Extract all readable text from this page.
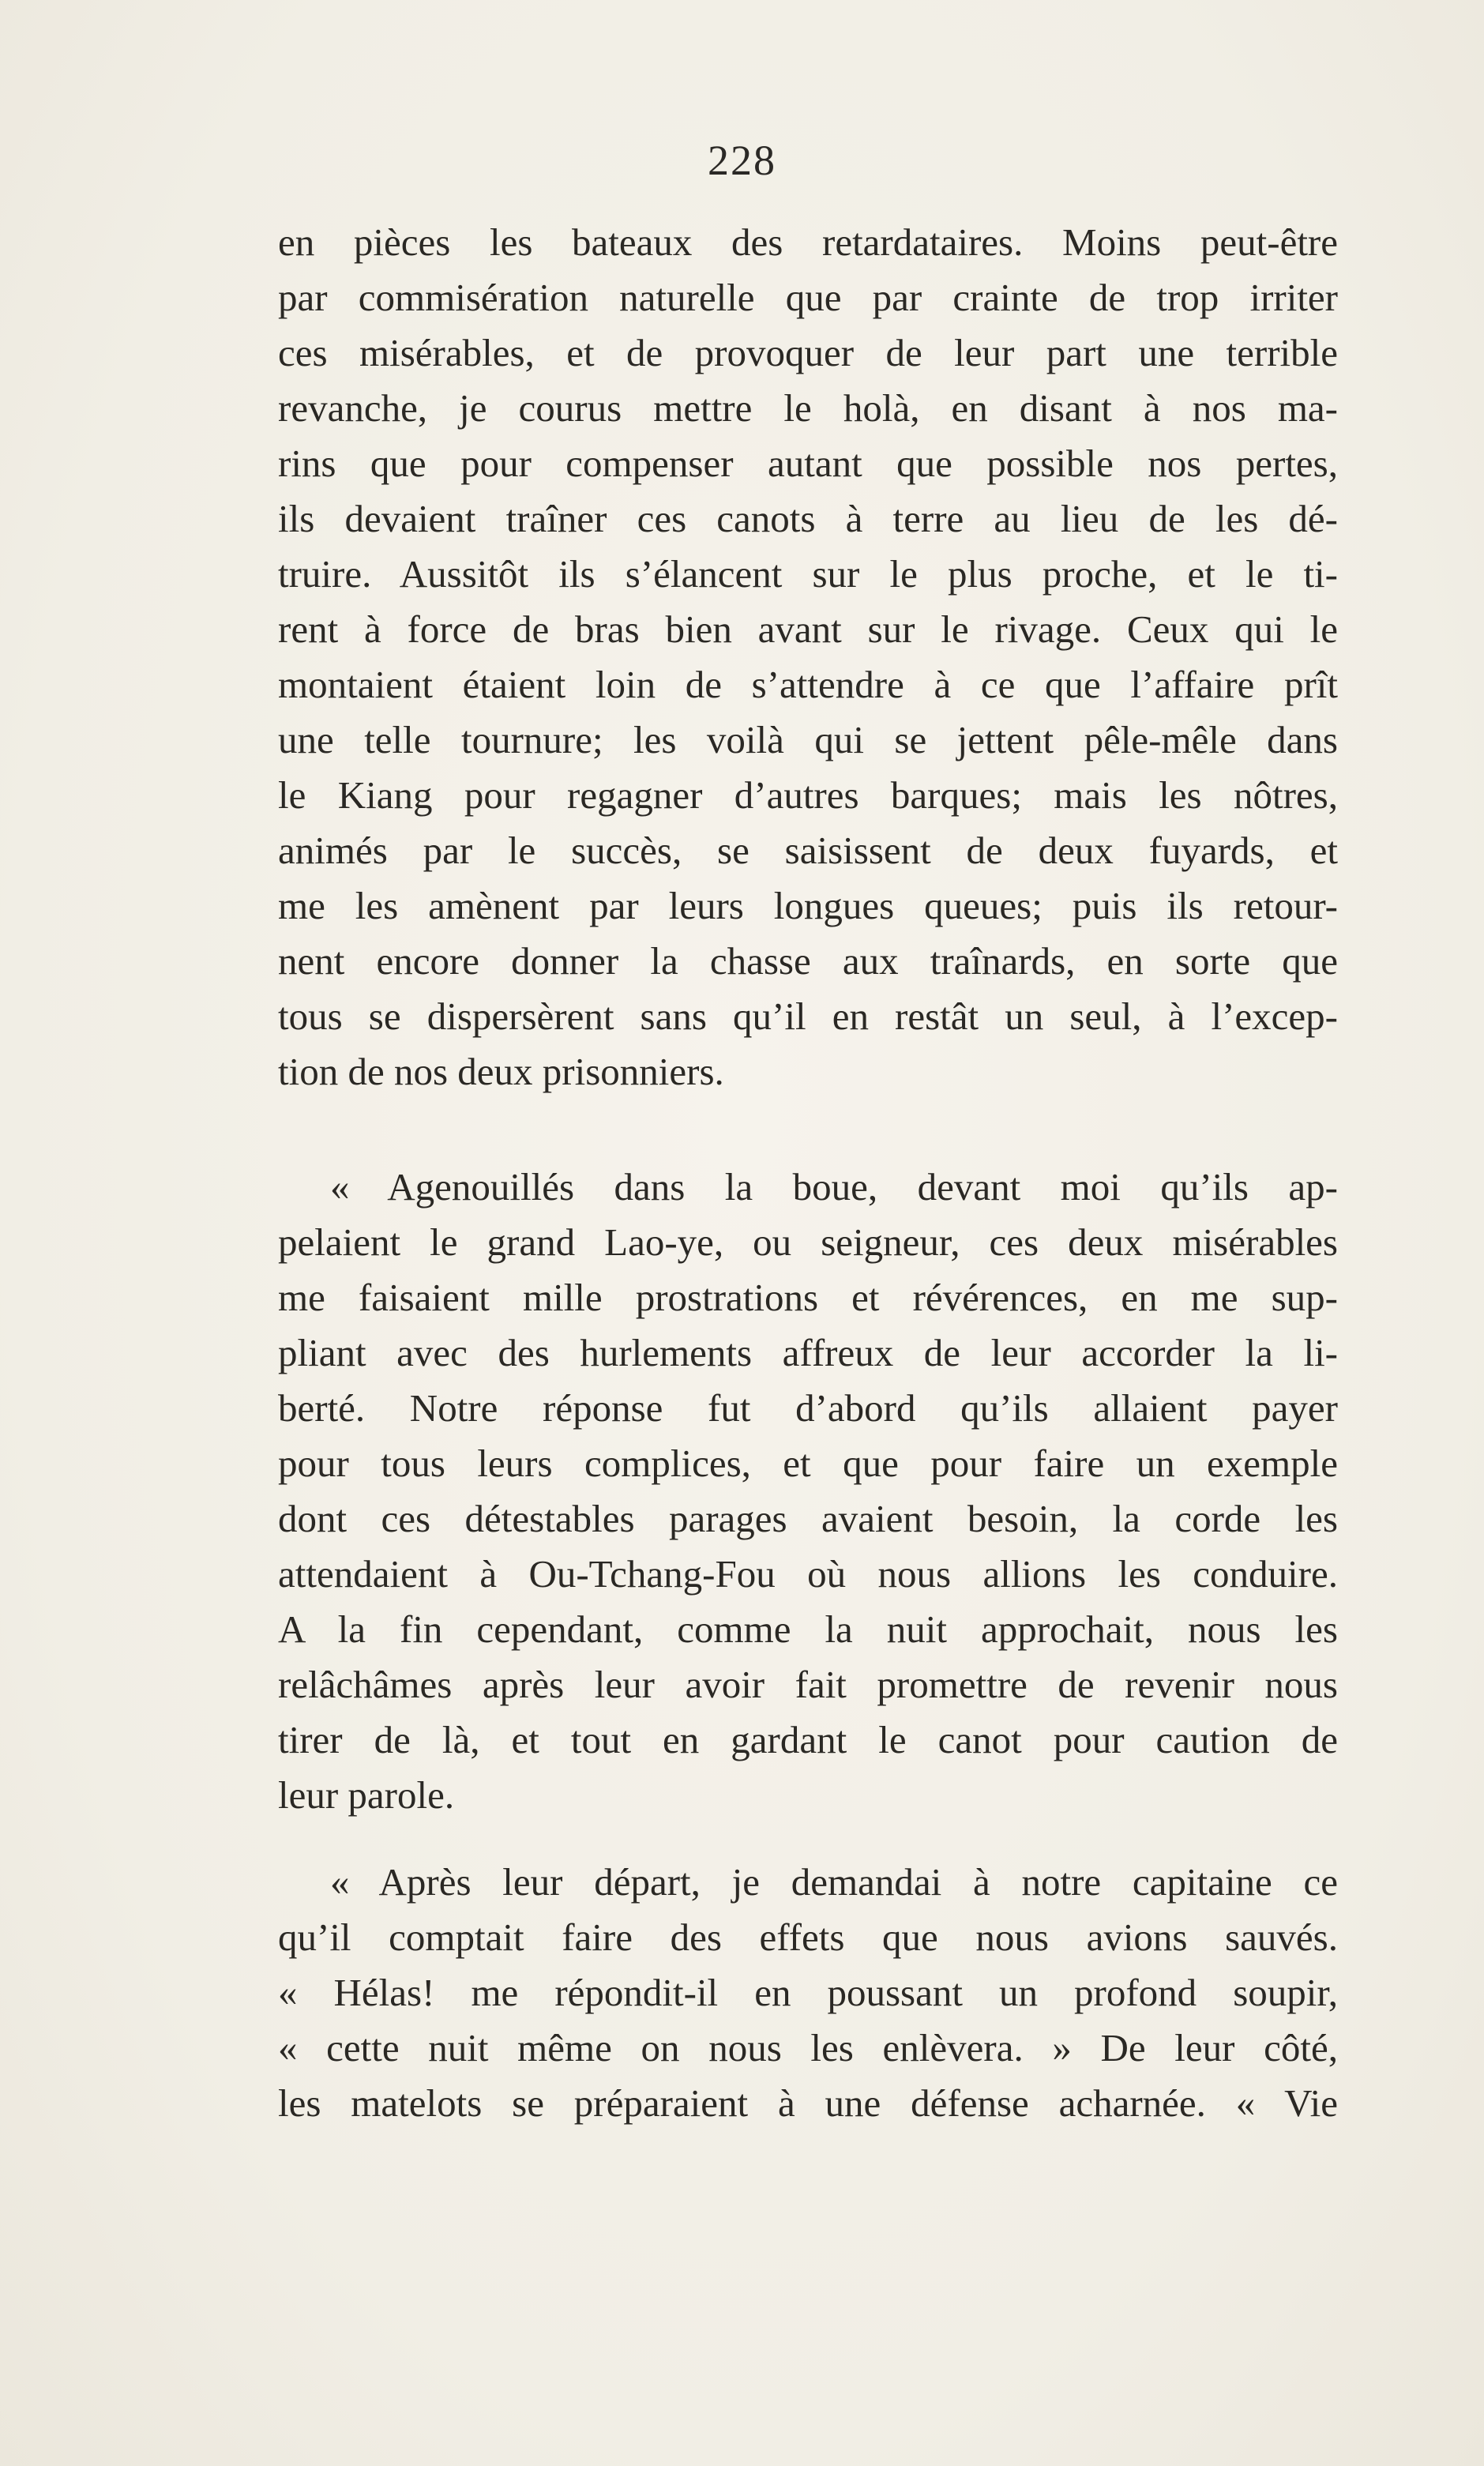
228
en pièces les bateaux des retardataires. Moins peut-être
par commisération naturelle que par crainte de trop irriter
ces misérables, et de provoquer de leur part une terrible
revanche, je courus mettre le holà, en disant à nos ma-
rins que pour compenser autant que possible nos pertes,
ils devaient traîner ces canots à terre au lieu de les dé-
truire. Aussitôt ils s’élancent sur le plus proche, et le ti-
rent à force de bras bien avant sur le rivage. Ceux qui le
montaient étaient loin de s’attendre à ce que l’affaire prît
une telle tournure; les voilà qui se jettent pêle-mêle dans
le Kiang pour regagner d’autres barques; mais les nôtres,
animés par le succès, se saisissent de deux fuyards, et
me les amènent par leurs longues queues; puis ils retour-
nent encore donner la chasse aux traînards, en sorte que
tous se dispersèrent sans qu’il en restât un seul, à l’excep-
tion de nos deux prisonniers.
« Agenouillés dans la boue, devant moi qu’ils ap-
pelaient le grand Lao-ye, ou seigneur, ces deux misérables
me faisaient mille prostrations et révérences, en me sup-
pliant avec des hurlements affreux de leur accorder la li-
berté. Notre réponse fut d’abord qu’ils allaient payer
pour tous leurs complices, et que pour faire un exemple
dont ces détestables parages avaient besoin, la corde les
attendaient à Ou-Tchang-Fou où nous allions les conduire.
A la fin cependant, comme la nuit approchait, nous les
relâchâmes après leur avoir fait promettre de revenir nous
tirer de là, et tout en gardant le canot pour caution de
leur parole.
« Après leur départ, je demandai à notre capitaine ce
qu’il comptait faire des effets que nous avions sauvés.
« Hélas! me répondit-il en poussant un profond soupir,
« cette nuit même on nous les enlèvera. » De leur côté,
les matelots se préparaient à une défense acharnée. « Vie
